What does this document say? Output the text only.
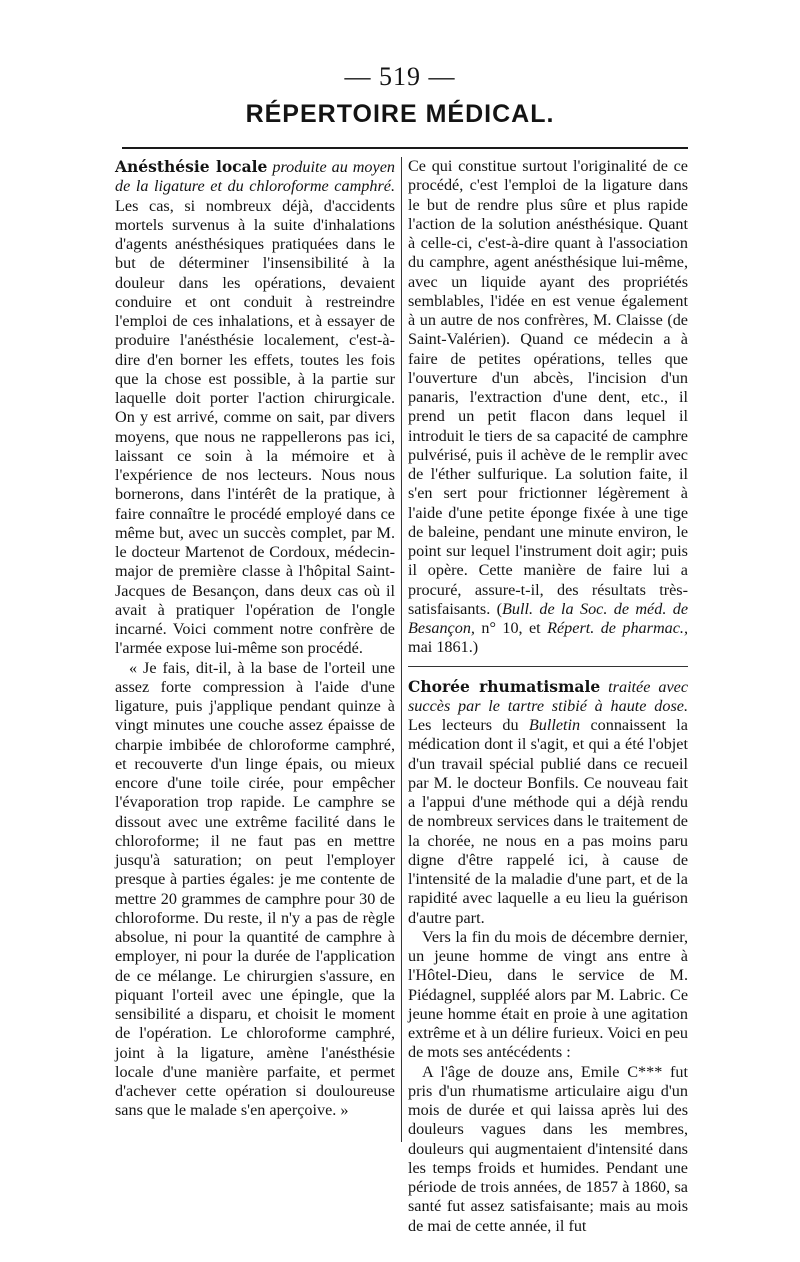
— 519 —
RÉPERTOIRE MÉDICAL.

Anésthésie locale produite au moyen de la ligature et du chloroforme camphré. Les cas, si nombreux déjà, d'accidents mortels survenus à la suite d'inhalations d'agents anésthésiques pratiquées dans le but de déterminer l'insensibilité à la douleur dans les opérations, devaient conduire et ont conduit à restreindre l'emploi de ces inhalations, et à essayer de produire l'anésthésie localement, c'est-à-dire d'en borner les effets, toutes les fois que la chose est possible, à la partie sur laquelle doit porter l'action chirurgicale. On y est arrivé, comme on sait, par divers moyens, que nous ne rappellerons pas ici, laissant ce soin à la mémoire et à l'expérience de nos lecteurs. Nous nous bornerons, dans l'intérêt de la pratique, à faire connaître le procédé employé dans ce même but, avec un succès complet, par M. le docteur Martenot de Cordoux, médecin-major de première classe à l'hôpital Saint-Jacques de Besançon, dans deux cas où il avait à pratiquer l'opération de l'ongle incarné. Voici comment notre confrère de l'armée expose lui-même son procédé.

« Je fais, dit-il, à la base de l'orteil une assez forte compression à l'aide d'une ligature, puis j'applique pendant quinze à vingt minutes une couche assez épaisse de charpie imbibée de chloroforme camphré, et recouverte d'un linge épais, ou mieux encore d'une toile cirée, pour empêcher l'évaporation trop rapide. Le camphre se dissout avec une extrême facilité dans le chloroforme; il ne faut pas en mettre jusqu'à saturation; on peut l'employer presque à parties égales: je me contente de mettre 20 grammes de camphre pour 30 de chloroforme. Du reste, il n'y a pas de règle absolue, ni pour la quantité de camphre à employer, ni pour la durée de l'application de ce mélange. Le chirurgien s'assure, en piquant l'orteil avec une épingle, que la sensibilité a disparu, et choisit le moment de l'opération. Le chloroforme camphré, joint à la ligature, amène l'anésthésie locale d'une manière parfaite, et permet d'achever cette opération si douloureuse sans que le malade s'en aperçoive. »

Ce qui constitue surtout l'originalité de ce procédé, c'est l'emploi de la ligature dans le but de rendre plus sûre et plus rapide l'action de la solution anésthésique. Quant à celle-ci, c'est-à-dire quant à l'association du camphre, agent anésthésique lui-même, avec un liquide ayant des propriétés semblables, l'idée en est venue également à un autre de nos confrères, M. Claisse (de Saint-Valérien). Quand ce médecin a à faire de petites opérations, telles que l'ouverture d'un abcès, l'incision d'un panaris, l'extraction d'une dent, etc., il prend un petit flacon dans lequel il introduit le tiers de sa capacité de camphre pulvérisé, puis il achève de le remplir avec de l'éther sulfurique. La solution faite, il s'en sert pour frictionner légèrement à l'aide d'une petite éponge fixée à une tige de baleine, pendant une minute environ, le point sur lequel l'instrument doit agir; puis il opère. Cette manière de faire lui a procuré, assure-t-il, des résultats très-satisfaisants. (Bull. de la Soc. de méd. de Besançon, n° 10, et Répert. de pharmac., mai 1861.)

Chorée rhumatismale traitée avec succès par le tartre stibié à haute dose. Les lecteurs du Bulletin connaissent la médication dont il s'agit, et qui a été l'objet d'un travail spécial publié dans ce recueil par M. le docteur Bonfils. Ce nouveau fait a l'appui d'une méthode qui a déjà rendu de nombreux services dans le traitement de la chorée, ne nous en a pas moins paru digne d'être rappelé ici, à cause de l'intensité de la maladie d'une part, et de la rapidité avec laquelle a eu lieu la guérison d'autre part.

Vers la fin du mois de décembre dernier, un jeune homme de vingt ans entre à l'Hôtel-Dieu, dans le service de M. Piédagnel, suppléé alors par M. Labric. Ce jeune homme était en proie à une agitation extrême et à un délire furieux. Voici en peu de mots ses antécédents :

A l'âge de douze ans, Emile C*** fut pris d'un rhumatisme articulaire aigu d'un mois de durée et qui laissa après lui des douleurs vagues dans les membres, douleurs qui augmentaient d'intensité dans les temps froids et humides. Pendant une période de trois années, de 1857 à 1860, sa santé fut assez satisfaisante; mais au mois de mai de cette année, il fut
